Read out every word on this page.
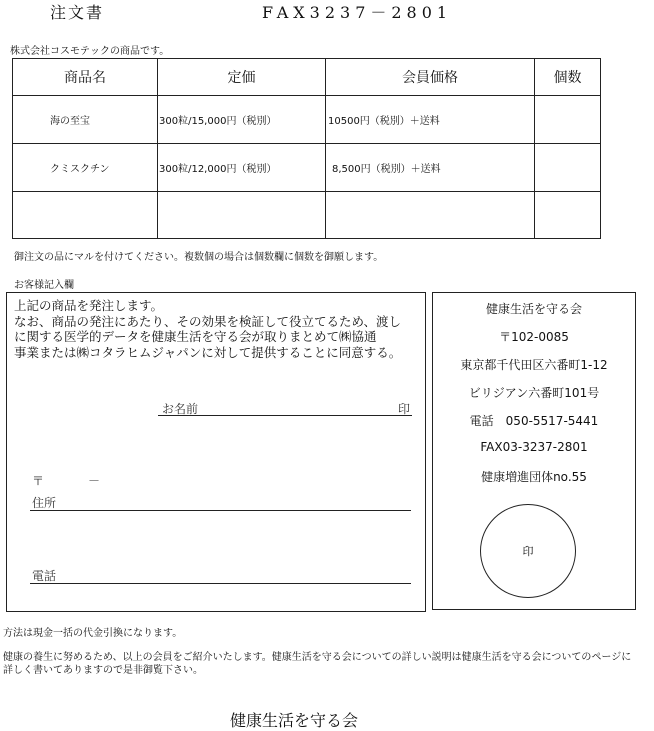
注文書	FAX3237－2801
株式会社コスモテックの商品です。
商品名	定価	会員価格	個数
海の至宝	300粒/15,000円（税別）	10500円（税別）＋送料	
クミスクチン	300粒/12,000円（税別）	8,500円（税別）＋送料	

御注文の品にマルを付けてください。複数個の場合は個数欄に個数を御願します。
お客様記入欄
上記の商品を発注します。
なお、商品の発注にあたり、その効果を検証して役立てるため、渡し
に関する医学的データを健康生活を守る会が取りまとめて㈱協通
事業または㈱コタラヒムジャパンに対して提供することに同意する。
お名前	印
〒	－
住所
電話
健康生活を守る会
〒102-0085
東京都千代田区六番町1-12
ビリジアン六番町101号
電話　050-5517-5441
FAX03-3237-2801
健康増進団体no.55
印
方法は現金一括の代金引換になります。
健康の養生に努めるため、以上の会員をご紹介いたします。健康生活を守る会についての詳しい説明は健康生活を守る会についてのページに
詳しく書いてありますので是非御覧下さい。
健康生活を守る会
